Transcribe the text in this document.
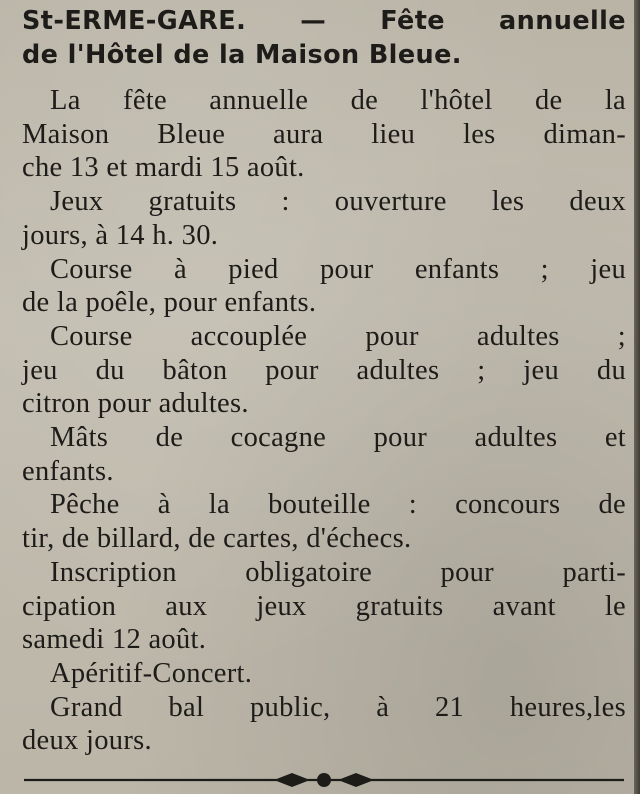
St-ERME-GARE. — Fête annuelle
de l'Hôtel de la Maison Bleue.

La fête annuelle de l'hôtel de la
Maison Bleue aura lieu les diman-
che 13 et mardi 15 août.

Jeux gratuits : ouverture les deux
jours, à 14 h. 30.

Course à pied pour enfants ; jeu
de la poêle, pour enfants.

Course accouplée pour adultes ;
jeu du bâton pour adultes ; jeu du
citron pour adultes.

Mâts de cocagne pour adultes et
enfants.

Pêche à la bouteille : concours de
tir, de billard, de cartes, d'échecs.

Inscription obligatoire pour parti-
cipation aux jeux gratuits avant le
samedi 12 août.

Apéritif-Concert.

Grand bal public, à 21 heures,les
deux jours.
